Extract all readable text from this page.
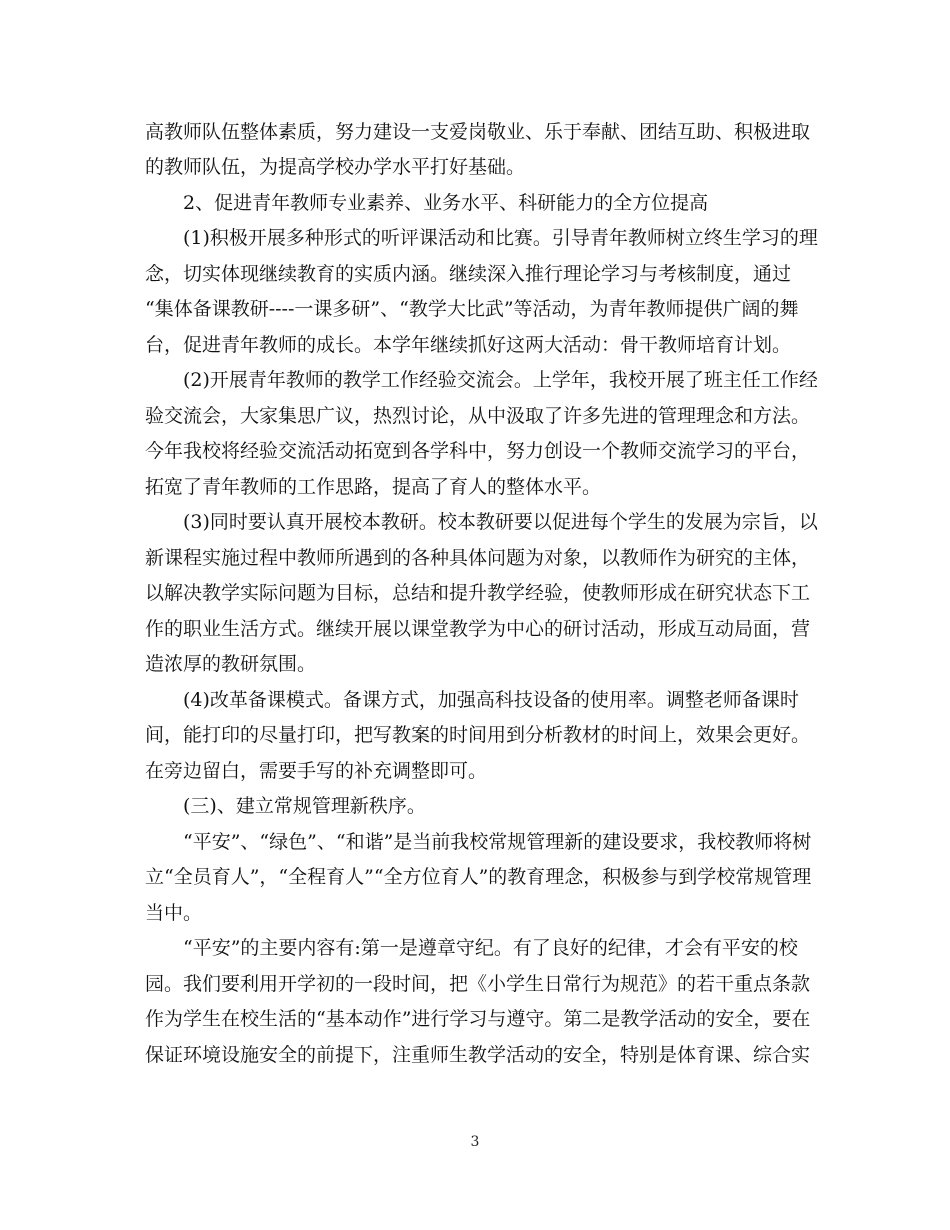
高教师队伍整体素质，努力建设一支爱岗敬业、乐于奉献、团结互助、积极进取
的教师队伍，为提高学校办学水平打好基础。
2、促进青年教师专业素养、业务水平、科研能力的全方位提高
(1)积极开展多种形式的听评课活动和比赛。引导青年教师树立终生学习的理
念，切实体现继续教育的实质内涵。继续深入推行理论学习与考核制度，通过
“集体备课教研----一课多研”、“教学大比武”等活动，为青年教师提供广阔的舞
台，促进青年教师的成长。本学年继续抓好这两大活动：骨干教师培育计划。
(2)开展青年教师的教学工作经验交流会。上学年，我校开展了班主任工作经
验交流会，大家集思广议，热烈讨论，从中汲取了许多先进的管理理念和方法。
今年我校将经验交流活动拓宽到各学科中，努力创设一个教师交流学习的平台，
拓宽了青年教师的工作思路，提高了育人的整体水平。
(3)同时要认真开展校本教研。校本教研要以促进每个学生的发展为宗旨，以
新课程实施过程中教师所遇到的各种具体问题为对象，以教师作为研究的主体，
以解决教学实际问题为目标，总结和提升教学经验，使教师形成在研究状态下工
作的职业生活方式。继续开展以课堂教学为中心的研讨活动，形成互动局面，营
造浓厚的教研氛围。
(4)改革备课模式。备课方式，加强高科技设备的使用率。调整老师备课时
间，能打印的尽量打印，把写教案的时间用到分析教材的时间上，效果会更好。
在旁边留白，需要手写的补充调整即可。
(三)、建立常规管理新秩序。
“平安”、“绿色”、“和谐”是当前我校常规管理新的建设要求，我校教师将树
立“全员育人”，“全程育人”“全方位育人”的教育理念，积极参与到学校常规管理
当中。
“平安”的主要内容有:第一是遵章守纪。有了良好的纪律，才会有平安的校
园。我们要利用开学初的一段时间，把《小学生日常行为规范》的若干重点条款
作为学生在校生活的“基本动作”进行学习与遵守。第二是教学活动的安全，要在
保证环境设施安全的前提下，注重师生教学活动的安全，特别是体育课、综合实
3
